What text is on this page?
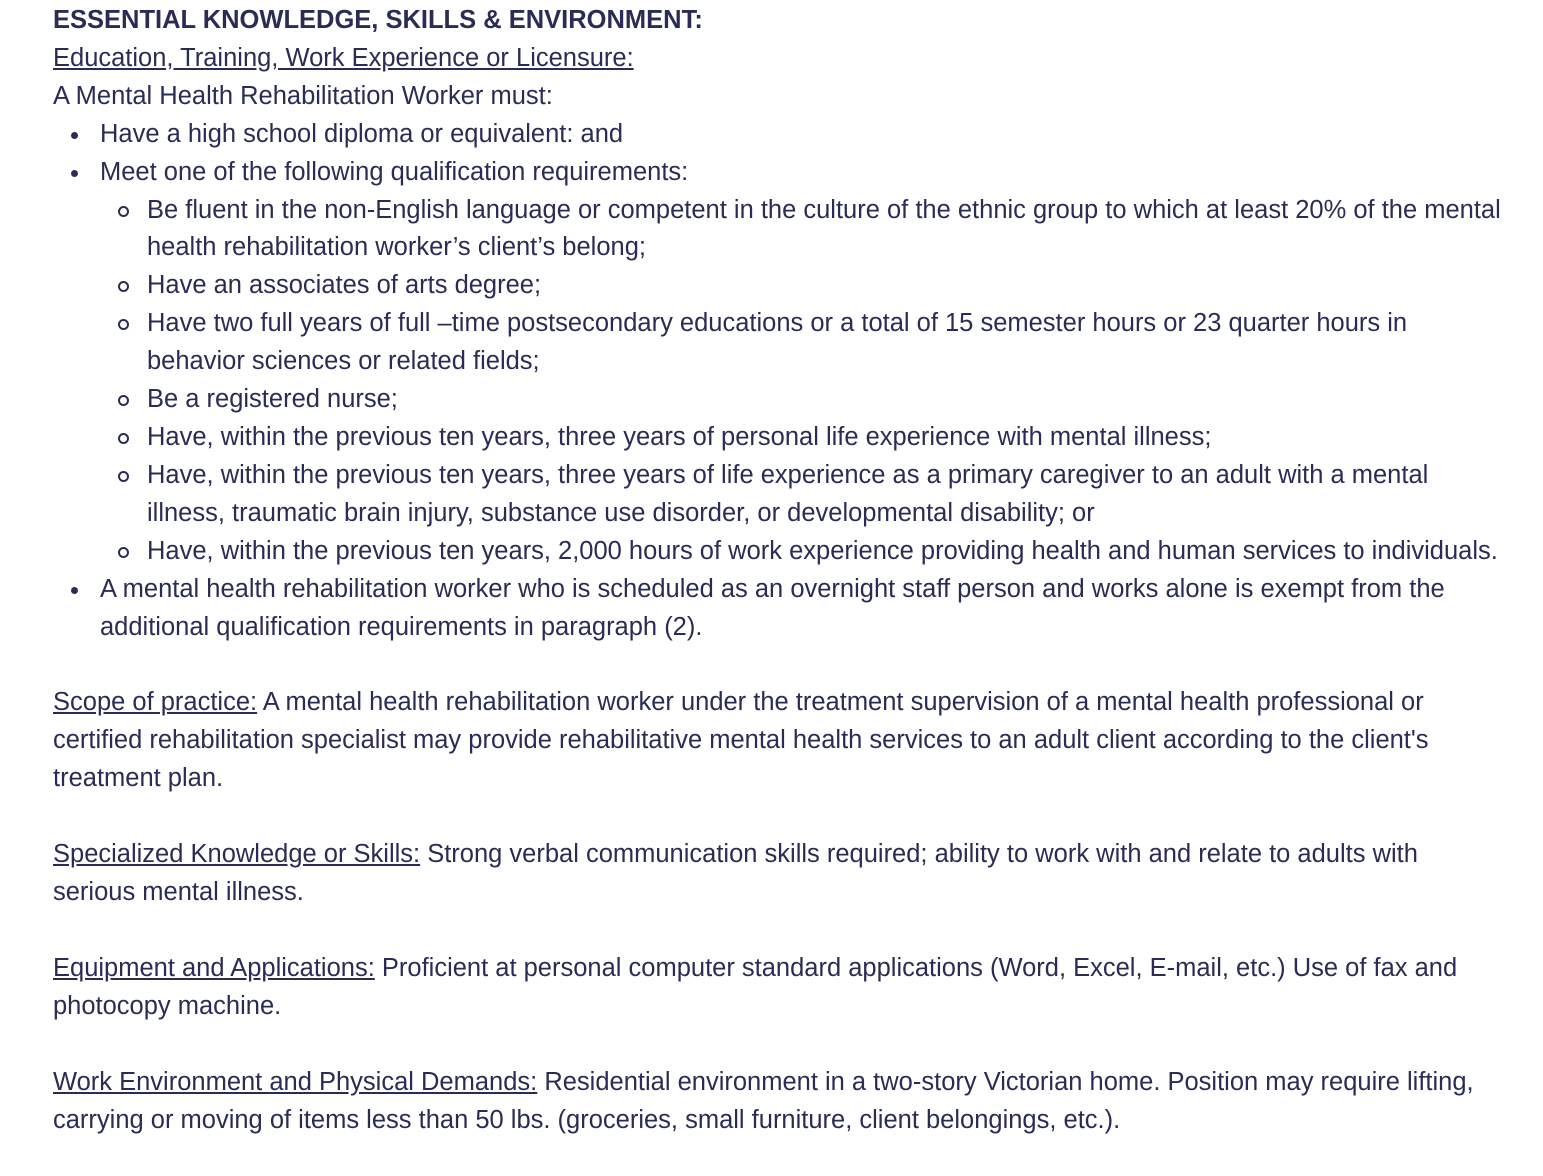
ESSENTIAL KNOWLEDGE, SKILLS & ENVIRONMENT:

Education, Training, Work Experience or Licensure:

A Mental Health Rehabilitation Worker must:

Have a high school diploma or equivalent: and
Meet one of the following qualification requirements:
Be fluent in the non-English language or competent in the culture of the ethnic group to which at least 20% of the mental health rehabilitation worker’s client’s belong;
Have an associates of arts degree;
Have two full years of full –time postsecondary educations or a total of 15 semester hours or 23 quarter hours in behavior sciences or related fields;
Be a registered nurse;
Have, within the previous ten years, three years of personal life experience with mental illness;
Have, within the previous ten years, three years of life experience as a primary caregiver to an adult with a mental illness, traumatic brain injury, substance use disorder, or developmental disability; or
Have, within the previous ten years, 2,000 hours of work experience providing health and human services to individuals.
A mental health rehabilitation worker who is scheduled as an overnight staff person and works alone is exempt from the additional qualification requirements in paragraph (2).

Scope of practice: A mental health rehabilitation worker under the treatment supervision of a mental health professional or certified rehabilitation specialist may provide rehabilitative mental health services to an adult client according to the client's treatment plan.

Specialized Knowledge or Skills: Strong verbal communication skills required; ability to work with and relate to adults with serious mental illness.

Equipment and Applications: Proficient at personal computer standard applications (Word, Excel, E-mail, etc.) Use of fax and photocopy machine.

Work Environment and Physical Demands: Residential environment in a two-story Victorian home. Position may require lifting, carrying or moving of items less than 50 lbs. (groceries, small furniture, client belongings, etc.).
